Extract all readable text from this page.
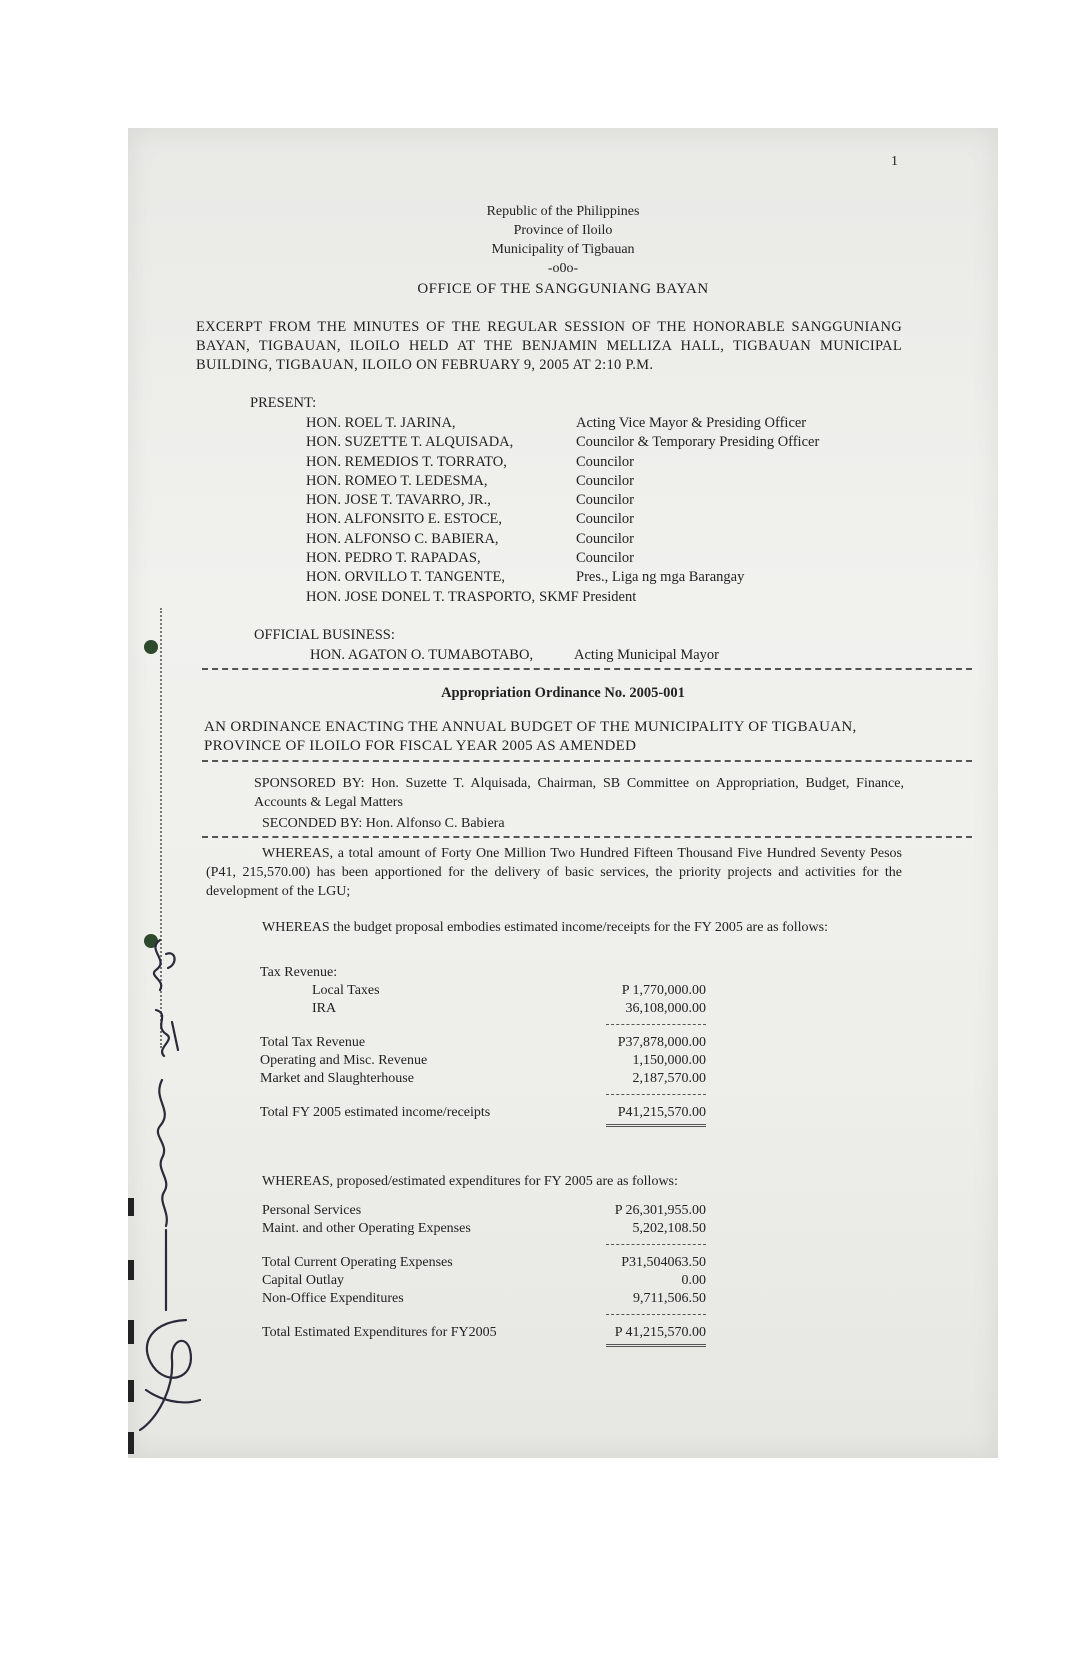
1
Republic of the Philippines
Province of Iloilo
Municipality of Tigbauan
-o0o-
OFFICE OF THE SANGGUNIANG BAYAN
EXCERPT FROM THE MINUTES OF THE REGULAR SESSION OF THE HONORABLE SANGGUNIANG BAYAN, TIGBAUAN, ILOILO HELD AT THE BENJAMIN MELLIZA HALL, TIGBAUAN MUNICIPAL BUILDING, TIGBAUAN, ILOILO ON FEBRUARY 9, 2005 AT 2:10 P.M.
PRESENT:
HON. ROEL T. JARINA,	Acting Vice Mayor & Presiding Officer
HON. SUZETTE T. ALQUISADA,	Councilor & Temporary Presiding Officer
HON. REMEDIOS T. TORRATO,	Councilor
HON. ROMEO T. LEDESMA,	Councilor
HON. JOSE T. TAVARRO, JR.,	Councilor
HON. ALFONSITO E. ESTOCE,	Councilor
HON. ALFONSO C. BABIERA,	Councilor
HON. PEDRO T. RAPADAS,	Councilor
HON. ORVILLO T. TANGENTE,	Pres., Liga ng mga Barangay
HON. JOSE DONEL T. TRASPORTO, SKMF President
OFFICIAL BUSINESS:
HON. AGATON O. TUMABOTABO,	Acting Municipal Mayor
Appropriation Ordinance No. 2005-001
AN ORDINANCE ENACTING THE ANNUAL BUDGET OF THE MUNICIPALITY OF TIGBAUAN, PROVINCE OF ILOILO FOR FISCAL YEAR 2005 AS AMENDED
SPONSORED BY: Hon. Suzette T. Alquisada, Chairman, SB Committee on Appropriation, Budget, Finance, Accounts & Legal Matters
SECONDED BY: Hon. Alfonso C. Babiera
WHEREAS, a total amount of Forty One Million Two Hundred Fifteen Thousand Five Hundred Seventy Pesos (P41, 215,570.00) has been apportioned for the delivery of basic services, the priority projects and activities for the development of the LGU;
WHEREAS the budget proposal embodies estimated income/receipts for the FY 2005 are as follows:
Tax Revenue:
Local Taxes	P 1,770,000.00
IRA	36,108,000.00
Total Tax Revenue	P37,878,000.00
Operating and Misc. Revenue	1,150,000.00
Market and Slaughterhouse	2,187,570.00
Total FY 2005 estimated income/receipts	P41,215,570.00
WHEREAS, proposed/estimated expenditures for FY 2005 are as follows:
Personal Services	P 26,301,955.00
Maint. and other Operating Expenses	5,202,108.50
Total Current Operating Expenses	P31,504063.50
Capital Outlay	0.00
Non-Office Expenditures	9,711,506.50
Total Estimated Expenditures for FY2005	P 41,215,570.00
